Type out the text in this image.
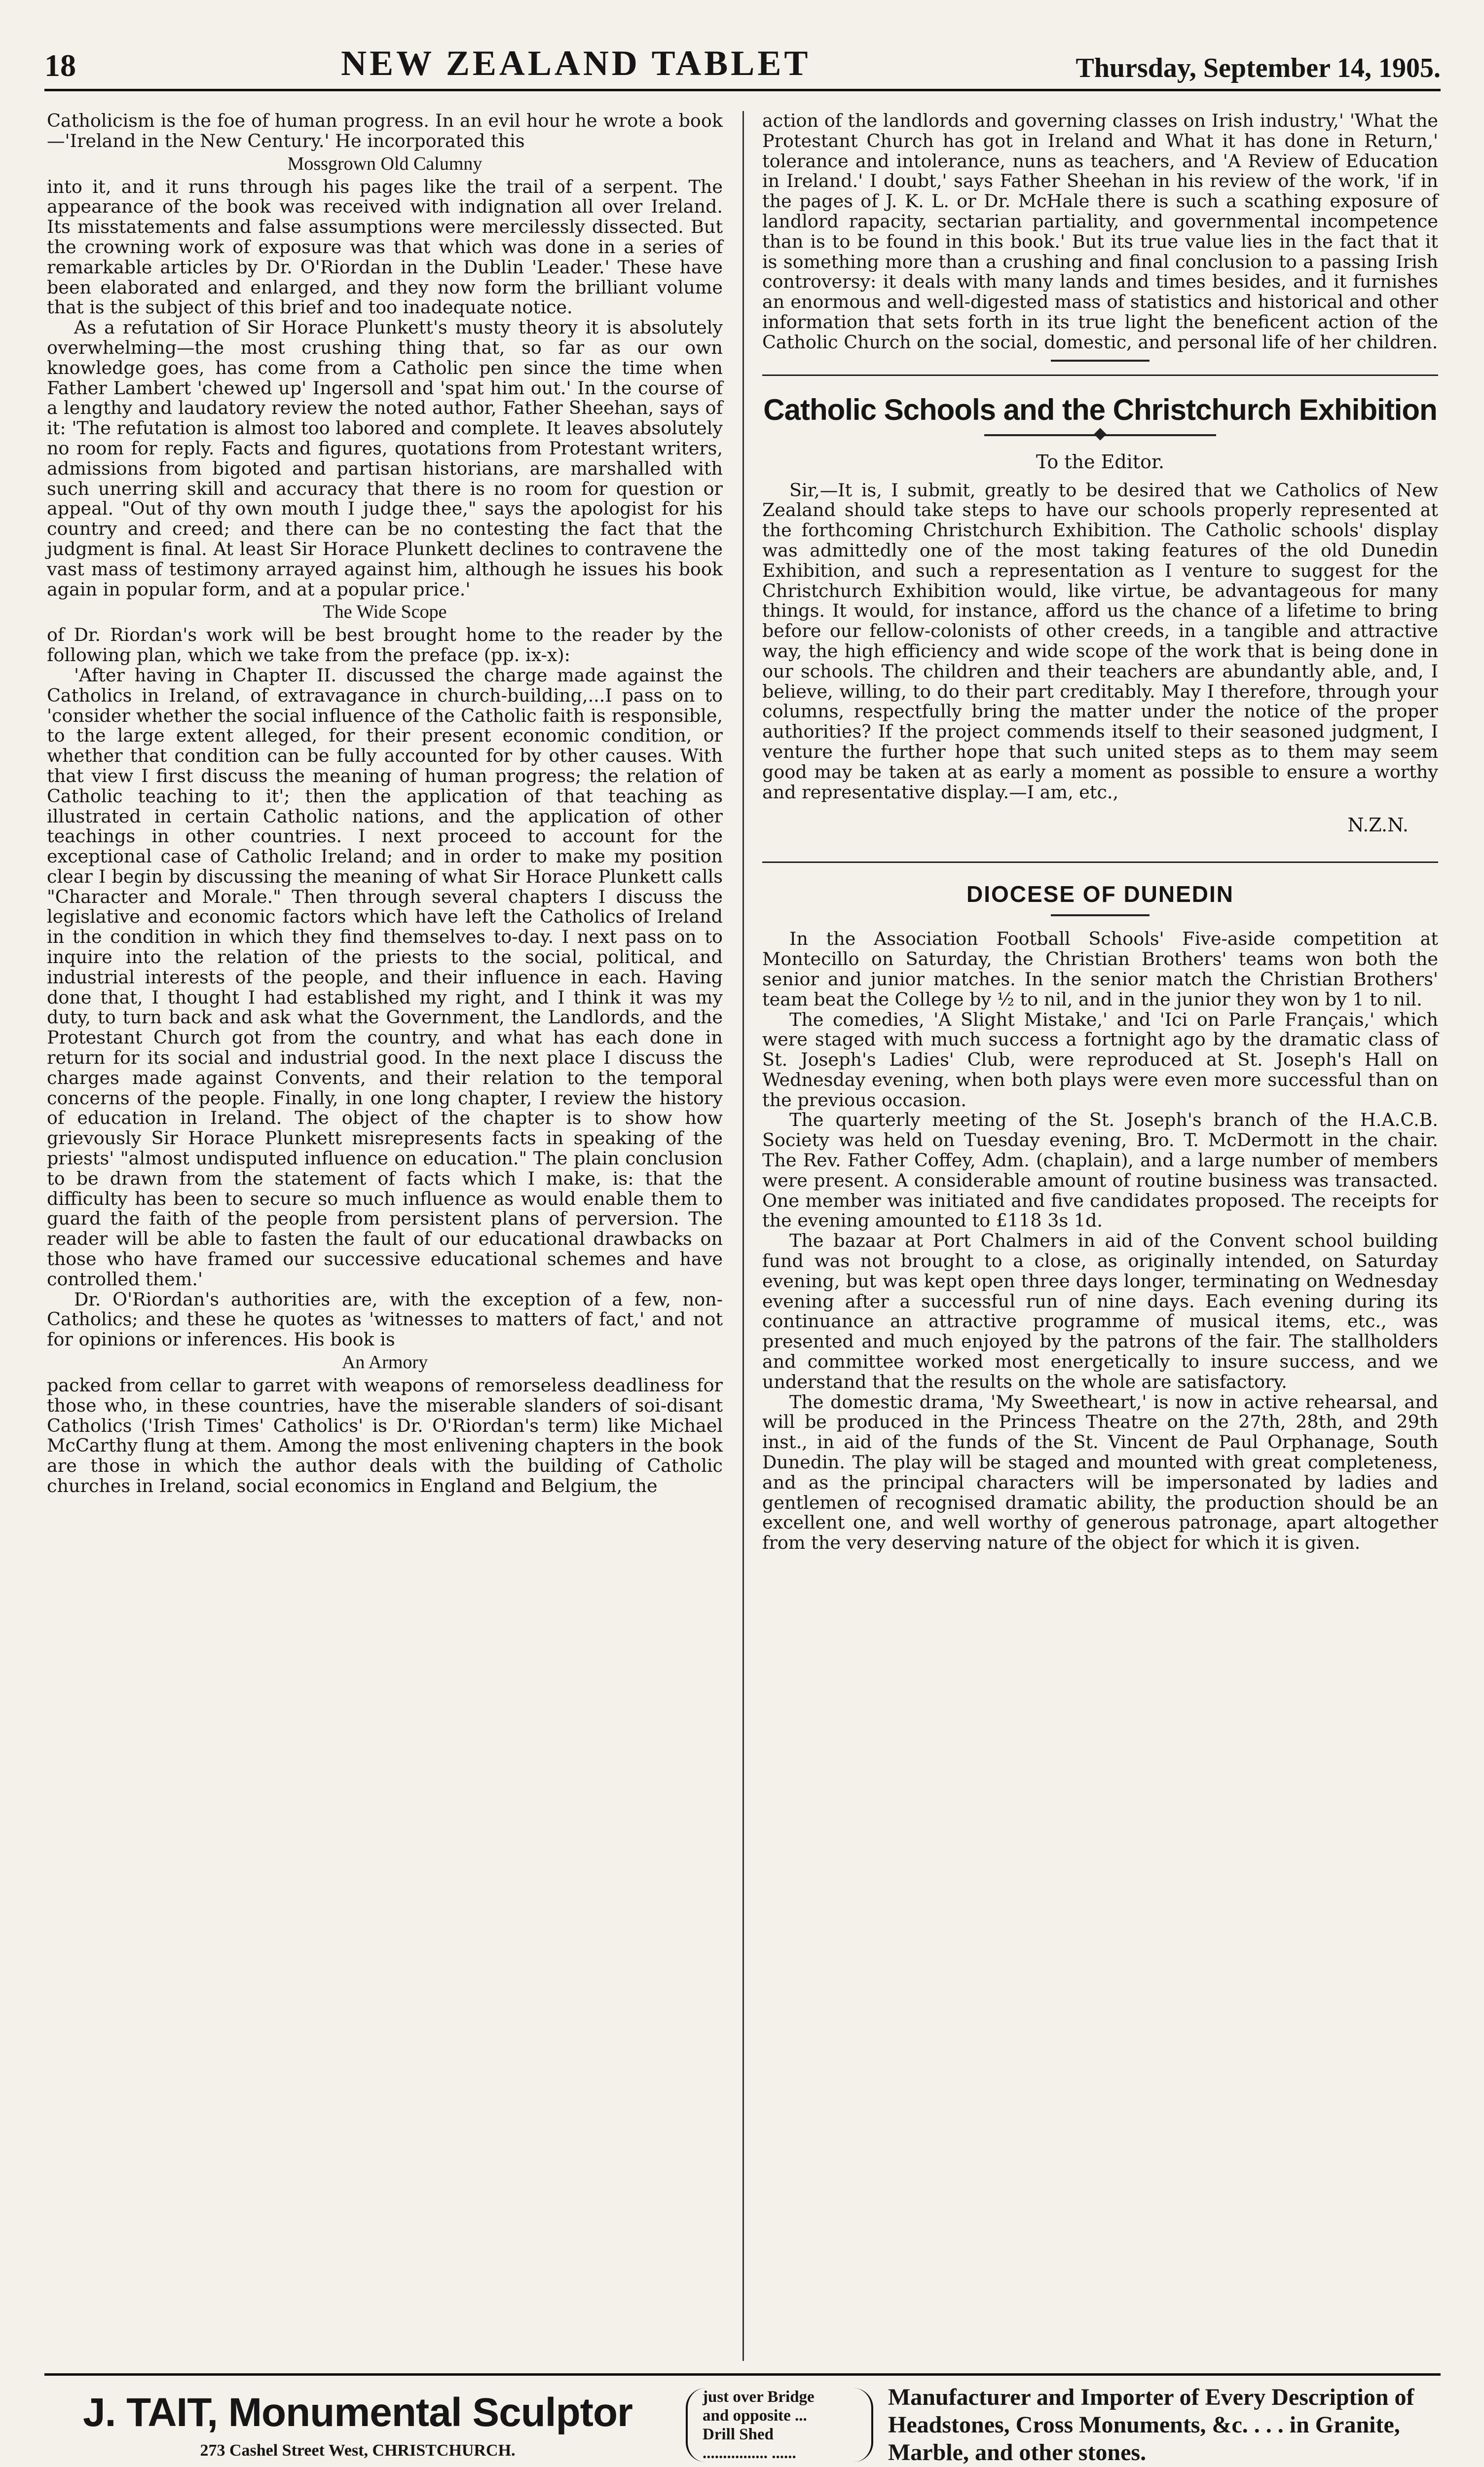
18	NEW ZEALAND TABLET	Thursday, September 14, 1905.

Catholicism is the foe of human progress. In an evil hour he wrote a book—'Ireland in the New Century.' He incorporated this

Mossgrown Old Calumny

into it, and it runs through his pages like the trail of a serpent. The appearance of the book was received with indignation all over Ireland. Its misstatements and false assumptions were mercilessly dissected. But the crowning work of exposure was that which was done in a series of remarkable articles by Dr. O'Riordan in the Dublin 'Leader.' These have been elaborated and enlarged, and they now form the brilliant volume that is the subject of this brief and too inadequate notice.

As a refutation of Sir Horace Plunkett's musty theory it is absolutely overwhelming—the most crushing thing that, so far as our own knowledge goes, has come from a Catholic pen since the time when Father Lambert 'chewed up' Ingersoll and 'spat him out.' In the course of a lengthy and laudatory review the noted author, Father Sheehan, says of it: 'The refutation is almost too labored and complete. It leaves absolutely no room for reply. Facts and figures, quotations from Protestant writers, admissions from bigoted and partisan historians, are marshalled with such unerring skill and accuracy that there is no room for question or appeal. "Out of thy own mouth I judge thee," says the apologist for his country and creed; and there can be no contesting the fact that the judgment is final. At least Sir Horace Plunkett declines to contravene the vast mass of testimony arrayed against him, although he issues his book again in popular form, and at a popular price.'

The Wide Scope

of Dr. Riordan's work will be best brought home to the reader by the following plan, which we take from the preface (pp. ix-x):

'After having in Chapter II. discussed the charge made against the Catholics in Ireland, of extravagance in church-building,...I pass on to 'consider whether the social influence of the Catholic faith is responsible, to the large extent alleged, for their present economic condition, or whether that condition can be fully accounted for by other causes. With that view I first discuss the meaning of human progress; the relation of Catholic teaching to it'; then the application of that teaching as illustrated in certain Catholic nations, and the application of other teachings in other countries. I next proceed to account for the exceptional case of Catholic Ireland; and in order to make my position clear I begin by discussing the meaning of what Sir Horace Plunkett calls "Character and Morale." Then through several chapters I discuss the legislative and economic factors which have left the Catholics of Ireland in the condition in which they find themselves to-day. I next pass on to inquire into the relation of the priests to the social, political, and industrial interests of the people, and their influence in each. Having done that, I thought I had established my right, and I think it was my duty, to turn back and ask what the Government, the Landlords, and the Protestant Church got from the country, and what has each done in return for its social and industrial good. In the next place I discuss the charges made against Convents, and their relation to the temporal concerns of the people. Finally, in one long chapter, I review the history of education in Ireland. The object of the chapter is to show how grievously Sir Horace Plunkett misrepresents facts in speaking of the priests' "almost undisputed influence on education." The plain conclusion to be drawn from the statement of facts which I make, is: that the difficulty has been to secure so much influence as would enable them to guard the faith of the people from persistent plans of perversion. The reader will be able to fasten the fault of our educational drawbacks on those who have framed our successive educational schemes and have controlled them.'

Dr. O'Riordan's authorities are, with the exception of a few, non-Catholics; and these he quotes as 'witnesses to matters of fact,' and not for opinions or inferences. His book is

An Armory

packed from cellar to garret with weapons of remorseless deadliness for those who, in these countries, have the miserable slanders of soi-disant Catholics ('Irish Times' Catholics' is Dr. O'Riordan's term) like Michael McCarthy flung at them. Among the most enlivening chapters in the book are those in which the author deals with the building of Catholic churches in Ireland, social economics in England and Belgium, the

action of the landlords and governing classes on Irish industry,' 'What the Protestant Church has got in Ireland and What it has done in Return,' tolerance and intolerance, nuns as teachers, and 'A Review of Education in Ireland.' I doubt,' says Father Sheehan in his review of the work, 'if in the pages of J. K. L. or Dr. McHale there is such a scathing exposure of landlord rapacity, sectarian partiality, and governmental incompetence than is to be found in this book.' But its true value lies in the fact that it is something more than a crushing and final conclusion to a passing Irish controversy: it deals with many lands and times besides, and it furnishes an enormous and well-digested mass of statistics and historical and other information that sets forth in its true light the beneficent action of the Catholic Church on the social, domestic, and personal life of her children.

Catholic Schools and the Christchurch Exhibition
To the Editor.

Sir,—It is, I submit, greatly to be desired that we Catholics of New Zealand should take steps to have our schools properly represented at the forthcoming Christchurch Exhibition. The Catholic schools' display was admittedly one of the most taking features of the old Dunedin Exhibition, and such a representation as I venture to suggest for the Christchurch Exhibition would, like virtue, be advantageous for many things. It would, for instance, afford us the chance of a lifetime to bring before our fellow-colonists of other creeds, in a tangible and attractive way, the high efficiency and wide scope of the work that is being done in our schools. The children and their teachers are abundantly able, and, I believe, willing, to do their part creditably. May I therefore, through your columns, respectfully bring the matter under the notice of the proper authorities? If the project commends itself to their seasoned judgment, I venture the further hope that such united steps as to them may seem good may be taken at as early a moment as possible to ensure a worthy and representative display.—I am, etc.,

N.Z.N.
DIOCESE OF DUNEDIN

In the Association Football Schools' Five-aside competition at Montecillo on Saturday, the Christian Brothers' teams won both the senior and junior matches. In the senior match the Christian Brothers' team beat the College by ½ to nil, and in the junior they won by 1 to nil.

The comedies, 'A Slight Mistake,' and 'Ici on Parle Français,' which were staged with much success a fortnight ago by the dramatic class of St. Joseph's Ladies' Club, were reproduced at St. Joseph's Hall on Wednesday evening, when both plays were even more successful than on the previous occasion.

The quarterly meeting of the St. Joseph's branch of the H.A.C.B. Society was held on Tuesday evening, Bro. T. McDermott in the chair. The Rev. Father Coffey, Adm. (chaplain), and a large number of members were present. A considerable amount of routine business was transacted. One member was initiated and five candidates proposed. The receipts for the evening amounted to £118 3s 1d.

The bazaar at Port Chalmers in aid of the Convent school building fund was not brought to a close, as originally intended, on Saturday evening, but was kept open three days longer, terminating on Wednesday evening after a successful run of nine days. Each evening during its continuance an attractive programme of musical items, etc., was presented and much enjoyed by the patrons of the fair. The stallholders and committee worked most energetically to insure success, and we understand that the results on the whole are satisfactory.

The domestic drama, 'My Sweetheart,' is now in active rehearsal, and will be produced in the Princess Theatre on the 27th, 28th, and 29th inst., in aid of the funds of the St. Vincent de Paul Orphanage, South Dunedin. The play will be staged and mounted with great completeness, and as the principal characters will be impersonated by ladies and gentlemen of recognised dramatic ability, the production should be an excellent one, and well worthy of generous patronage, apart altogether from the very deserving nature of the object for which it is given.

J. TAIT, Monumental Sculptor
273 Cashel Street West, CHRISTCHURCH.
just over Bridge
and opposite ...
Drill Shed
................ ......
Manufacturer and Importer of Every Description of Headstones, Cross Monuments, &c. . . . in Granite, Marble, and other stones.
